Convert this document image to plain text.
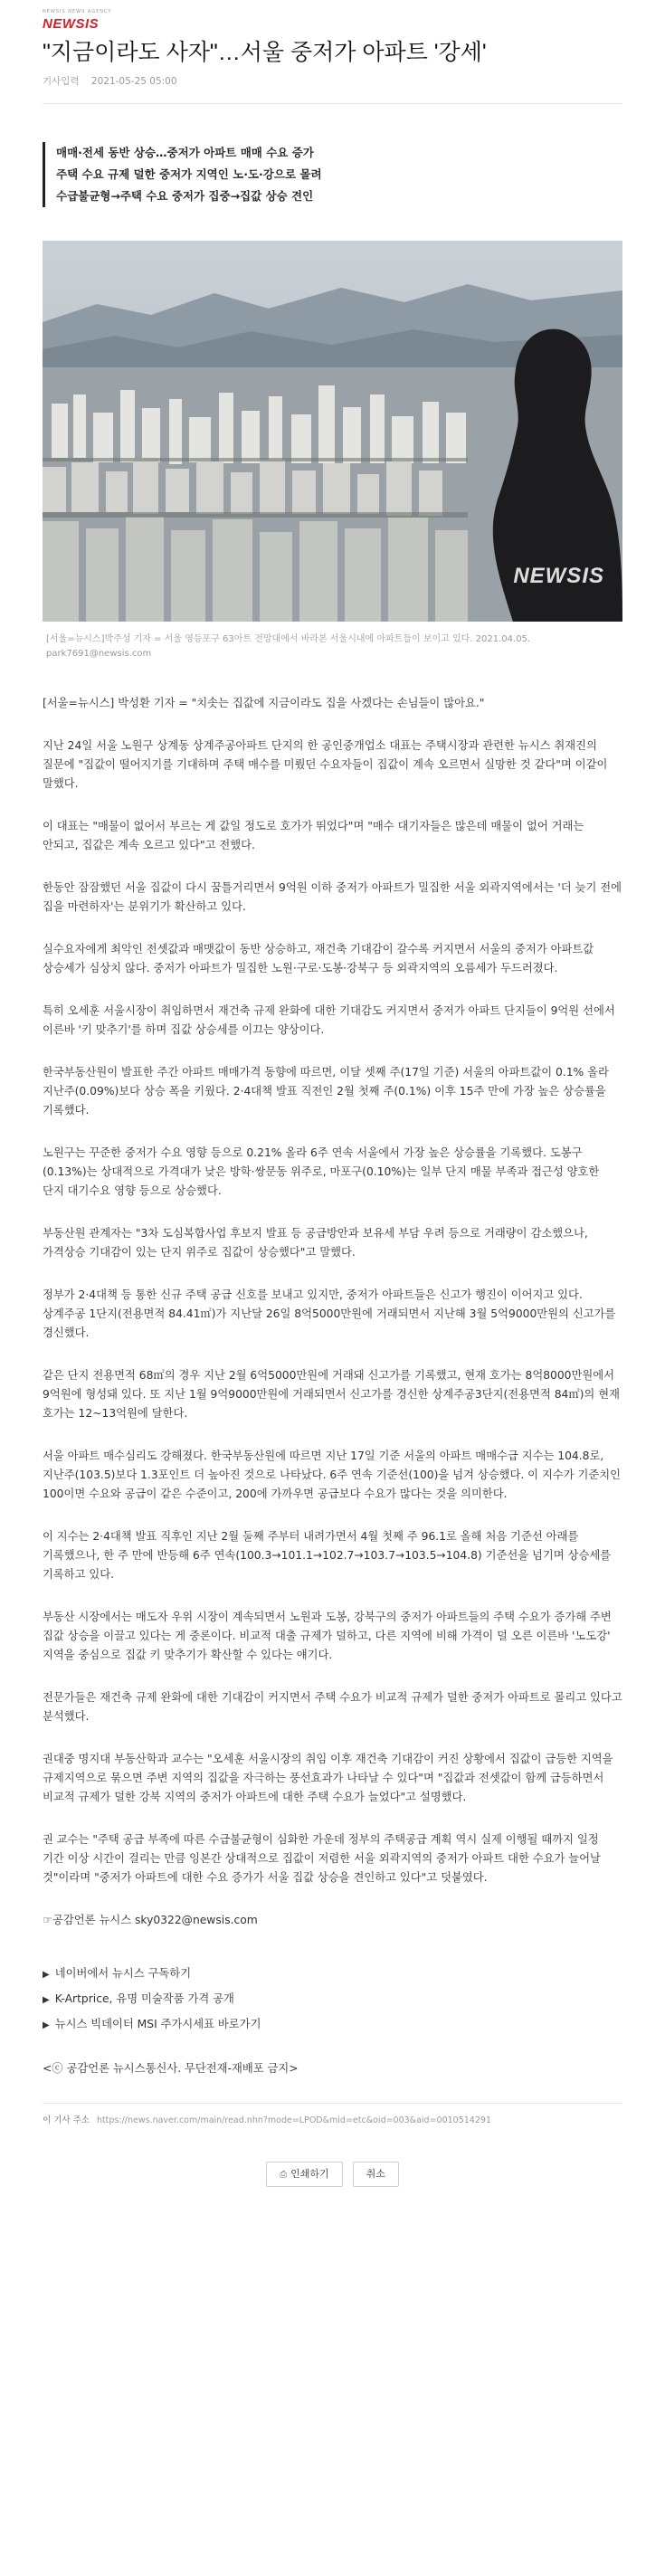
NEWSIS NEWS AGENCY
NEWSIS
"지금이라도 사자"…서울 중저가 아파트 '강세'
기사입력 2021-05-25 05:00

매매·전세 동반 상승…중저가 아파트 매매 수요 증가

주택 수요 규제 덜한 중저가 지역인 노·도·강으로 몰려

수급불균형→주택 수요 중저가 집중→집값 상승 견인

NEWSIS
[서울=뉴시스]박주성 기자 = 서울 영등포구 63아트 전망대에서 바라본 서울시내에 아파트들이 보이고 있다. 2021.04.05. park7691@newsis.com

[서울=뉴시스] 박성환 기자 = "치솟는 집값에 지금이라도 집을 사겠다는 손님들이 많아요."

지난 24일 서울 노원구 상계동 상계주공아파트 단지의 한 공인중개업소 대표는 주택시장과 관련한 뉴시스 취재진의 질문에 "집값이 떨어지기를 기대하며 주택 매수를 미뤘던 수요자들이 집값이 계속 오르면서 실망한 것 같다"며 이같이 말했다.

이 대표는 "매물이 없어서 부르는 게 값일 정도로 호가가 뛰었다"며 "매수 대기자들은 많은데 매물이 없어 거래는 안되고, 집값은 계속 오르고 있다"고 전했다.

한동안 잠잠했던 서울 집값이 다시 꿈틀거리면서 9억원 이하 중저가 아파트가 밀집한 서울 외곽지역에서는 '더 늦기 전에 집을 마련하자'는 분위기가 확산하고 있다.

실수요자에게 최악인 전셋값과 매맷값이 동반 상승하고, 재건축 기대감이 갈수록 커지면서 서울의 중저가 아파트값 상승세가 심상치 않다. 중저가 아파트가 밀집한 노원·구로·도봉·강북구 등 외곽지역의 오름세가 두드러졌다.

특히 오세훈 서울시장이 취임하면서 재건축 규제 완화에 대한 기대감도 커지면서 중저가 아파트 단지들이 9억원 선에서 이른바 '키 맞추기'를 하며 집값 상승세를 이끄는 양상이다.

한국부동산원이 발표한 주간 아파트 매매가격 동향에 따르면, 이달 셋째 주(17일 기준) 서울의 아파트값이 0.1% 올라 지난주(0.09%)보다 상승 폭을 키웠다. 2·4대책 발표 직전인 2월 첫째 주(0.1%) 이후 15주 만에 가장 높은 상승률을 기록했다.

노원구는 꾸준한 중저가 수요 영향 등으로 0.21% 올라 6주 연속 서울에서 가장 높은 상승률을 기록했다. 도봉구(0.13%)는 상대적으로 가격대가 낮은 방학·쌍문동 위주로, 마포구(0.10%)는 일부 단지 매물 부족과 접근성 양호한 단지 대기수요 영향 등으로 상승했다.

부동산원 관계자는 "3차 도심복합사업 후보지 발표 등 공급방안과 보유세 부담 우려 등으로 거래량이 감소했으나, 가격상승 기대감이 있는 단지 위주로 집값이 상승했다"고 말했다.

정부가 2·4대책 등 통한 신규 주택 공급 신호를 보내고 있지만, 중저가 아파트들은 신고가 행진이 이어지고 있다. 상계주공 1단지(전용면적 84.41㎡)가 지난달 26일 8억5000만원에 거래되면서 지난해 3월 5억9000만원의 신고가를 경신했다.

같은 단지 전용면적 68㎡의 경우 지난 2월 6억5000만원에 거래돼 신고가를 기록했고, 현재 호가는 8억8000만원에서 9억원에 형성돼 있다. 또 지난 1월 9억9000만원에 거래되면서 신고가를 경신한 상계주공3단지(전용면적 84㎡)의 현재 호가는 12~13억원에 달한다.

서울 아파트 매수심리도 강해졌다. 한국부동산원에 따르면 지난 17일 기준 서울의 아파트 매매수급 지수는 104.8로, 지난주(103.5)보다 1.3포인트 더 높아진 것으로 나타났다. 6주 연속 기준선(100)을 넘겨 상승했다. 이 지수가 기준치인 100이면 수요와 공급이 같은 수준이고, 200에 가까우면 공급보다 수요가 많다는 것을 의미한다.

이 지수는 2·4대책 발표 직후인 지난 2월 둘째 주부터 내려가면서 4월 첫째 주 96.1로 올해 처음 기준선 아래를 기록했으나, 한 주 만에 반등해 6주 연속(100.3→101.1→102.7→103.7→103.5→104.8) 기준선을 넘기며 상승세를 기록하고 있다.

부동산 시장에서는 매도자 우위 시장이 계속되면서 노원과 도봉, 강북구의 중저가 아파트들의 주택 수요가 증가해 주변 집값 상승을 이끌고 있다는 게 중론이다. 비교적 대출 규제가 덜하고, 다른 지역에 비해 가격이 덜 오른 이른바 '노도강' 지역을 중심으로 집값 키 맞추기가 확산할 수 있다는 얘기다.

전문가들은 재건축 규제 완화에 대한 기대감이 커지면서 주택 수요가 비교적 규제가 덜한 중저가 아파트로 몰리고 있다고 분석했다.

권대중 명지대 부동산학과 교수는 "오세훈 서울시장의 취임 이후 재건축 기대감이 커진 상황에서 집값이 급등한 지역을 규제지역으로 묶으면 주변 지역의 집값을 자극하는 풍선효과가 나타날 수 있다"며 "집값과 전셋값이 함께 급등하면서 비교적 규제가 덜한 강북 지역의 중저가 아파트에 대한 주택 수요가 늘었다"고 설명했다.

권 교수는 "주택 공급 부족에 따른 수급불균형이 심화한 가운데 정부의 주택공급 계획 역시 실제 이행될 때까지 일정 기간 이상 시간이 걸리는 만큼 잉본간 상대적으로 집값이 저렴한 서울 외곽지역의 중저가 아파트 대한 수요가 늘어날 것"이라며 "중저가 아파트에 대한 수요 증가가 서울 집값 상승을 견인하고 있다"고 덧붙였다.

☞공감언론 뉴시스 sky0322@newsis.com
▶ 네이버에서 뉴시스 구독하기
▶ K-Artprice, 유명 미술작품 가격 공개
▶ 뉴시스 빅데이터 MSI 주가시세표 바로가기
<ⓒ 공감언론 뉴시스통신사. 무단전재-재배포 금지>
이 기사 주소 https://news.naver.com/main/read.nhn?mode=LPOD&mid=etc&oid=003&aid=0010514291
⎙ 인쇄하기	취소
